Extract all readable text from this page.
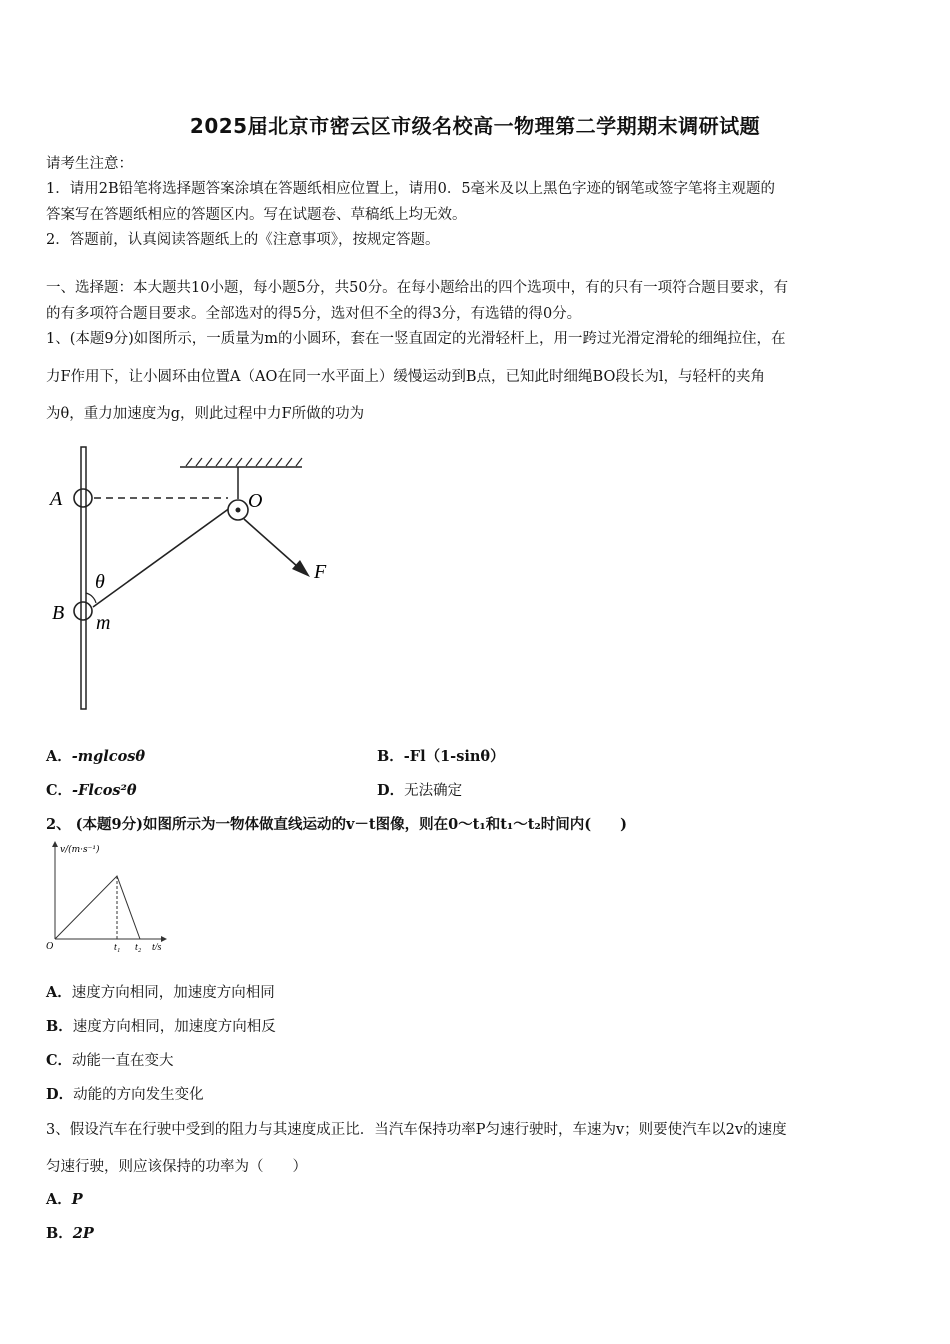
2025届北京市密云区市级名校高一物理第二学期期末调研试题
请考生注意：
1．请用2B铅笔将选择题答案涂填在答题纸相应位置上，请用0．5毫米及以上黑色字迹的钢笔或签字笔将主观题的
答案写在答题纸相应的答题区内。写在试题卷、草稿纸上均无效。
2．答题前，认真阅读答题纸上的《注意事项》，按规定答题。
一、选择题：本大题共10小题，每小题5分，共50分。在每小题给出的四个选项中，有的只有一项符合题目要求，有
的有多项符合题目要求。全部选对的得5分，选对但不全的得3分，有选错的得0分。
1、(本题9分)如图所示，一质量为m的小圆环，套在一竖直固定的光滑轻杆上，用一跨过光滑定滑轮的细绳拉住，在
力F作用下，让小圆环由位置A（AO在同一水平面上）缓慢运动到B点，已知此时细绳BO段长为l，与轻杆的夹角
为θ，重力加速度为g，则此过程中力F所做的功为
A	O
B
θ
m
F
A．-mglcosθ	B．-Fl（1-sinθ）
C．-Flcos²θ	D．无法确定
2、 (本题9分)如图所示为一物体做直线运动的v－t图像，则在0～t₁和t₁～t₂时间内(　　)
v/(m·s⁻¹)
O	t₁ t₂ t/s
A．速度方向相同，加速度方向相同
B．速度方向相同，加速度方向相反
C．动能一直在变大
D．动能的方向发生变化
3、假设汽车在行驶中受到的阻力与其速度成正比．当汽车保持功率P匀速行驶时，车速为v；则要使汽车以2v的速度
匀速行驶，则应该保持的功率为（　　）
A．P
B．2P
